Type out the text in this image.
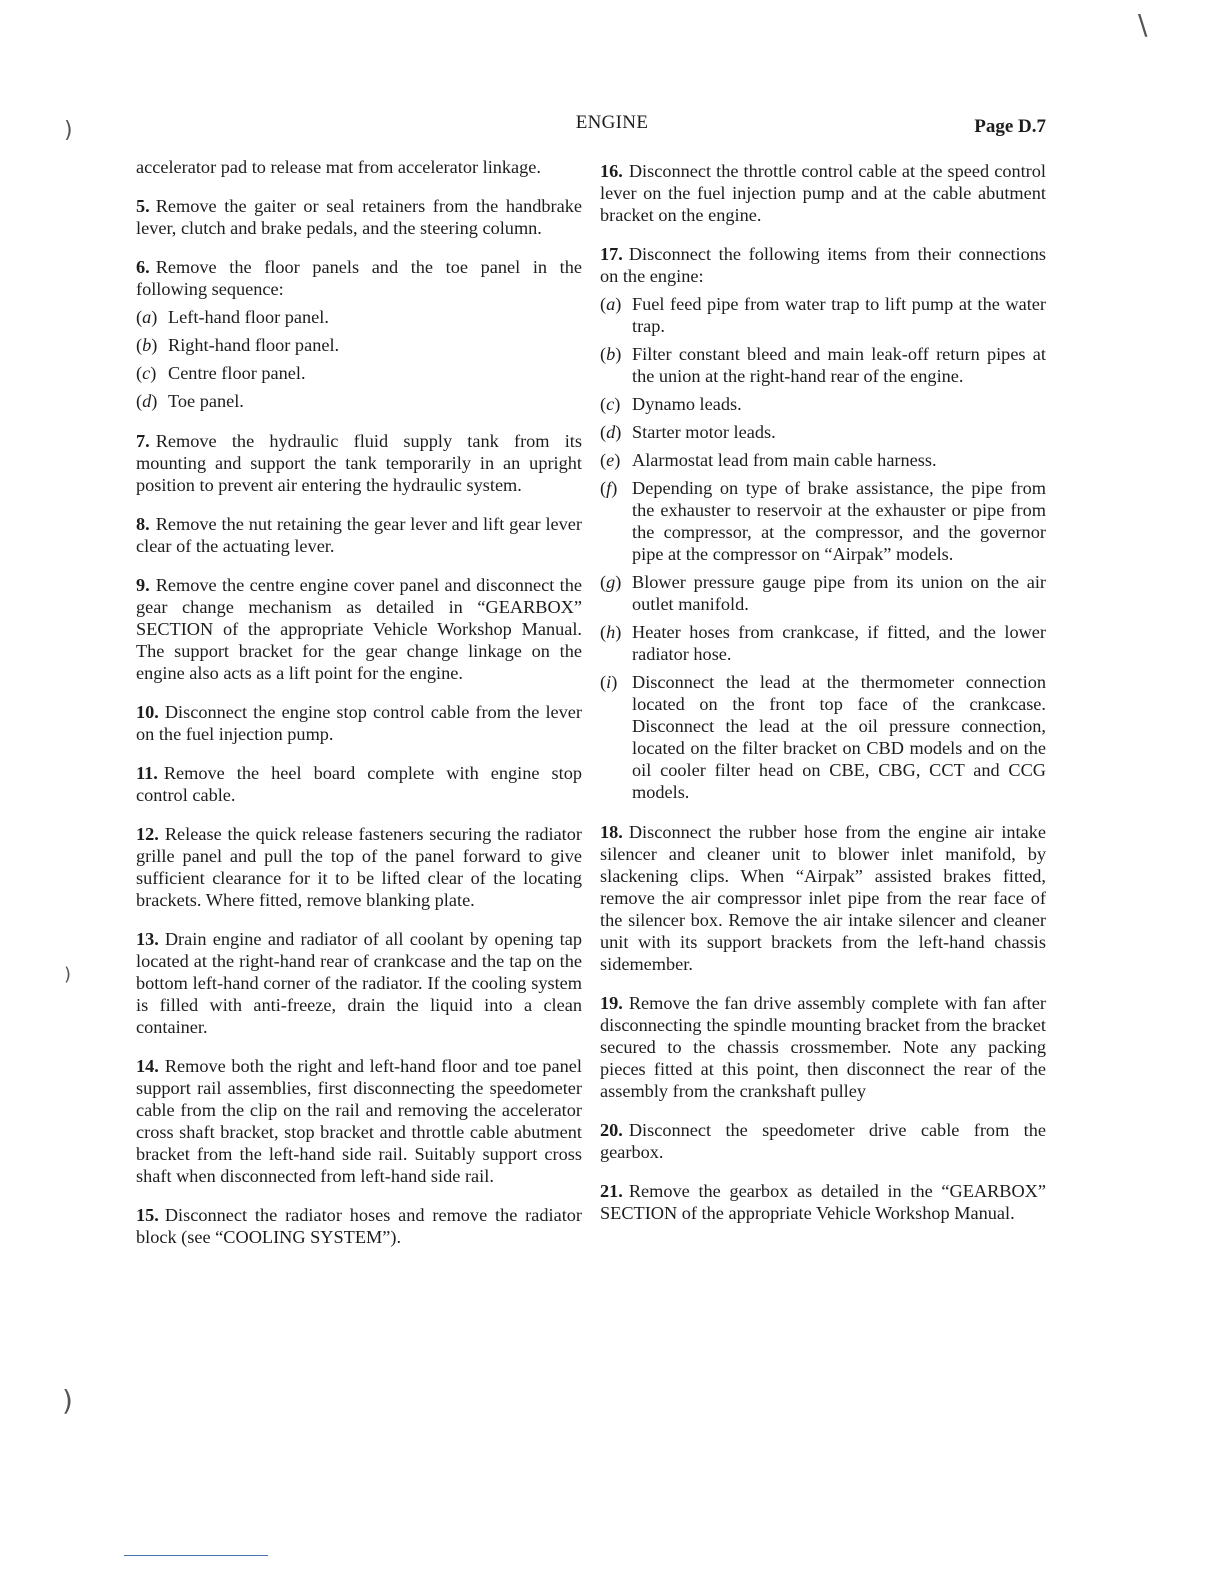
)
)
)
\
ENGINE	Page D.7

accelerator pad to release mat from accelerator linkage.

5. Remove the gaiter or seal retainers from the handbrake lever, clutch and brake pedals, and the steering column.

6. Remove the floor panels and the toe panel in the following sequence:

(a) Left-hand floor panel.
(b) Right-hand floor panel.
(c) Centre floor panel.
(d) Toe panel.

7. Remove the hydraulic fluid supply tank from its mounting and support the tank temporarily in an upright position to prevent air entering the hydraulic system.

8. Remove the nut retaining the gear lever and lift gear lever clear of the actuating lever.

9. Remove the centre engine cover panel and disconnect the gear change mechanism as detailed in “GEARBOX” SECTION of the appropriate Vehicle Workshop Manual. The support bracket for the gear change linkage on the engine also acts as a lift point for the engine.

10. Disconnect the engine stop control cable from the lever on the fuel injection pump.

11. Remove the heel board complete with engine stop control cable.

12. Release the quick release fasteners securing the radiator grille panel and pull the top of the panel forward to give sufficient clearance for it to be lifted clear of the locating brackets. Where fitted, remove blanking plate.

13. Drain engine and radiator of all coolant by opening tap located at the right-hand rear of crankcase and the tap on the bottom left-hand corner of the radiator. If the cooling system is filled with anti-freeze, drain the liquid into a clean container.

14. Remove both the right and left-hand floor and toe panel support rail assemblies, first disconnecting the speedometer cable from the clip on the rail and removing the accelerator cross shaft bracket, stop bracket and throttle cable abutment bracket from the left-hand side rail. Suitably support cross shaft when disconnected from left-hand side rail.

15. Disconnect the radiator hoses and remove the radiator block (see “COOLING SYSTEM”).

16. Disconnect the throttle control cable at the speed control lever on the fuel injection pump and at the cable abutment bracket on the engine.

17. Disconnect the following items from their connections on the engine:

(a) Fuel feed pipe from water trap to lift pump at the water trap.
(b) Filter constant bleed and main leak-off return pipes at the union at the right-hand rear of the engine.
(c) Dynamo leads.
(d) Starter motor leads.
(e) Alarmostat lead from main cable harness.
(f) Depending on type of brake assistance, the pipe from the exhauster to reservoir at the exhauster or pipe from the compressor, at the compressor, and the governor pipe at the compressor on “Airpak” models.
(g) Blower pressure gauge pipe from its union on the air outlet manifold.
(h) Heater hoses from crankcase, if fitted, and the lower radiator hose.
(i) Disconnect the lead at the thermometer connection located on the front top face of the crankcase. Disconnect the lead at the oil pressure connection, located on the filter bracket on CBD models and on the oil cooler filter head on CBE, CBG, CCT and CCG models.

18. Disconnect the rubber hose from the engine air intake silencer and cleaner unit to blower inlet manifold, by slackening clips. When “Airpak” assisted brakes fitted, remove the air compressor inlet pipe from the rear face of the silencer box. Remove the air intake silencer and cleaner unit with its support brackets from the left-hand chassis sidemember.

19. Remove the fan drive assembly complete with fan after disconnecting the spindle mounting bracket from the bracket secured to the chassis crossmember. Note any packing pieces fitted at this point, then disconnect the rear of the assembly from the crankshaft pulley

20. Disconnect the speedometer drive cable from the gearbox.

21. Remove the gearbox as detailed in the “GEARBOX” SECTION of the appropriate Vehicle Workshop Manual.
